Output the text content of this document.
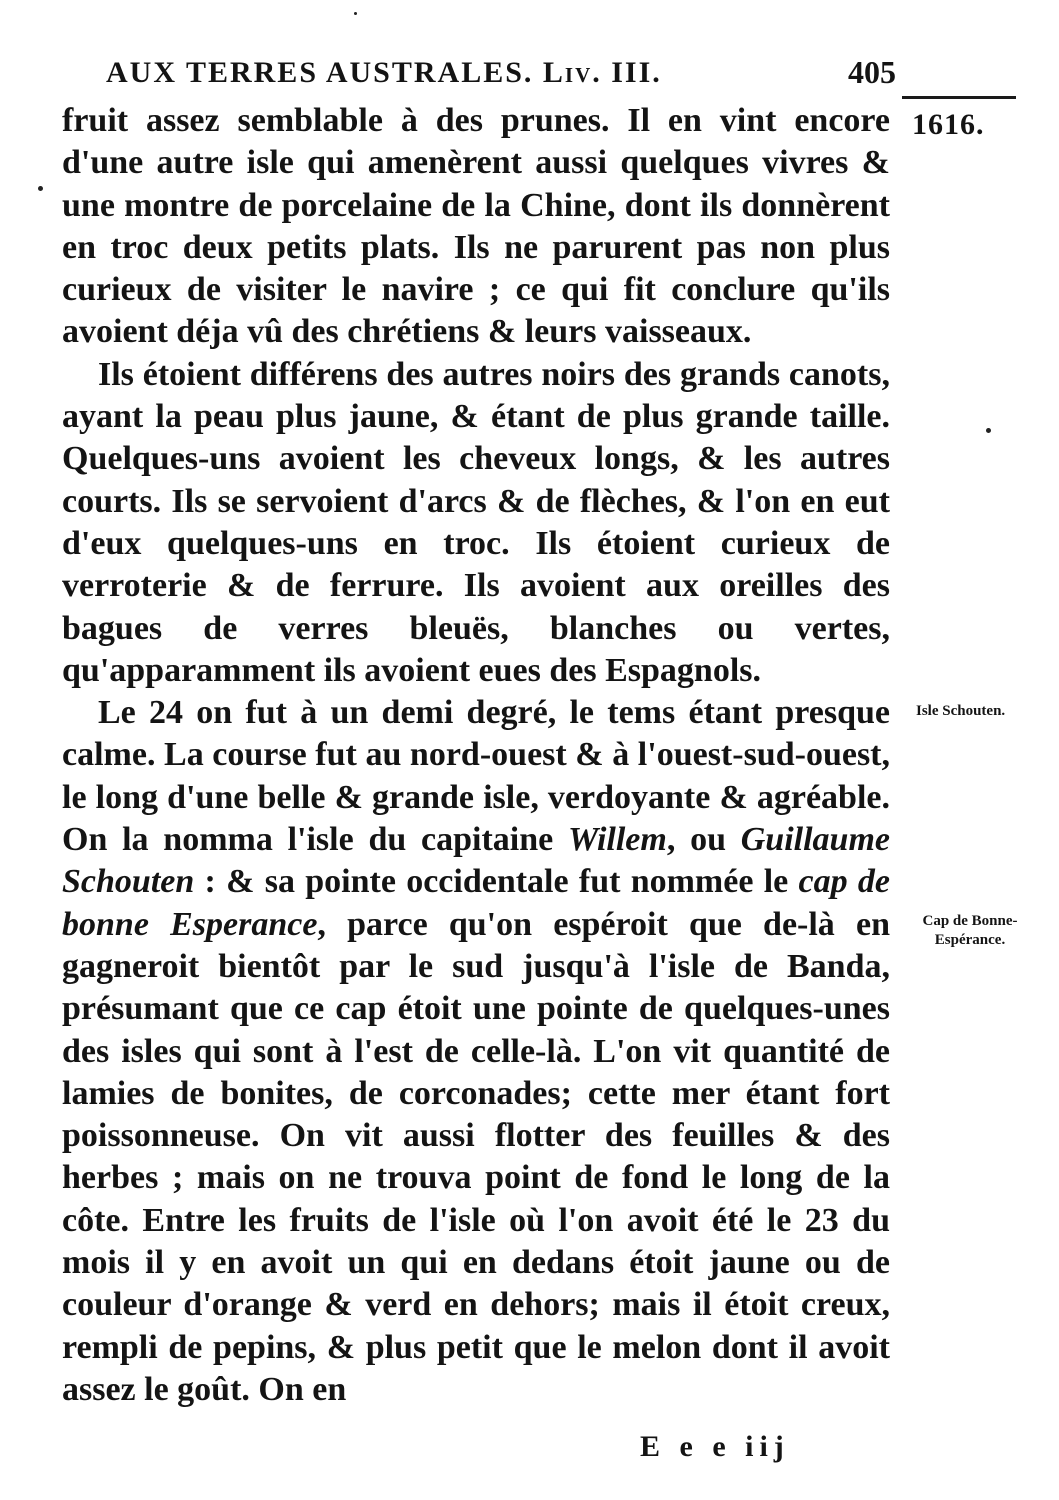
AUX TERRES AUSTRALES. Liv. III.	405
1616.

fruit assez semblable à des prunes. Il en vint encore d'une autre isle qui amenèrent aussi quelques vivres & une montre de porcelaine de la Chine, dont ils donnèrent en troc deux petits plats. Ils ne parurent pas non plus curieux de visiter le navire ; ce qui fit conclure qu'ils avoient déja vû des chrétiens & leurs vaisseaux.

Ils étoient différens des autres noirs des grands canots, ayant la peau plus jaune, & étant de plus grande taille. Quelques-uns avoient les cheveux longs, & les autres courts. Ils se servoient d'arcs & de flèches, & l'on en eut d'eux quelques-uns en troc. Ils étoient curieux de verroterie & de ferrure. Ils avoient aux oreilles des bagues de verres bleuës, blanches ou vertes, qu'apparamment ils avoient eues des Espagnols.

Le 24 on fut à un demi degré, le tems étant presque calme. La course fut au nord-ouest & à l'ouest-sud-ouest, le long d'une belle & grande isle, verdoyante & agréable. On la nomma l'isle du capitaine Willem, ou Guillaume Schouten : & sa pointe occidentale fut nommée le cap de bonne Esperance, parce qu'on espéroit que de-là en gagneroit bientôt par le sud jusqu'à l'isle de Banda, présumant que ce cap étoit une pointe de quelques-unes des isles qui sont à l'est de celle-là. L'on vit quantité de lamies de bonites, de corconades; cette mer étant fort poissonneuse. On vit aussi flotter des feuilles & des herbes ; mais on ne trouva point de fond le long de la côte. Entre les fruits de l'isle où l'on avoit été le 23 du mois il y en avoit un qui en dedans étoit jaune ou de couleur d'orange & verd en dehors; mais il étoit creux, rempli de pepins, & plus petit que le melon dont il avoit assez le goût. On en

Isle Schouten.
Cap de Bonne-Espérance.
E e e iij
